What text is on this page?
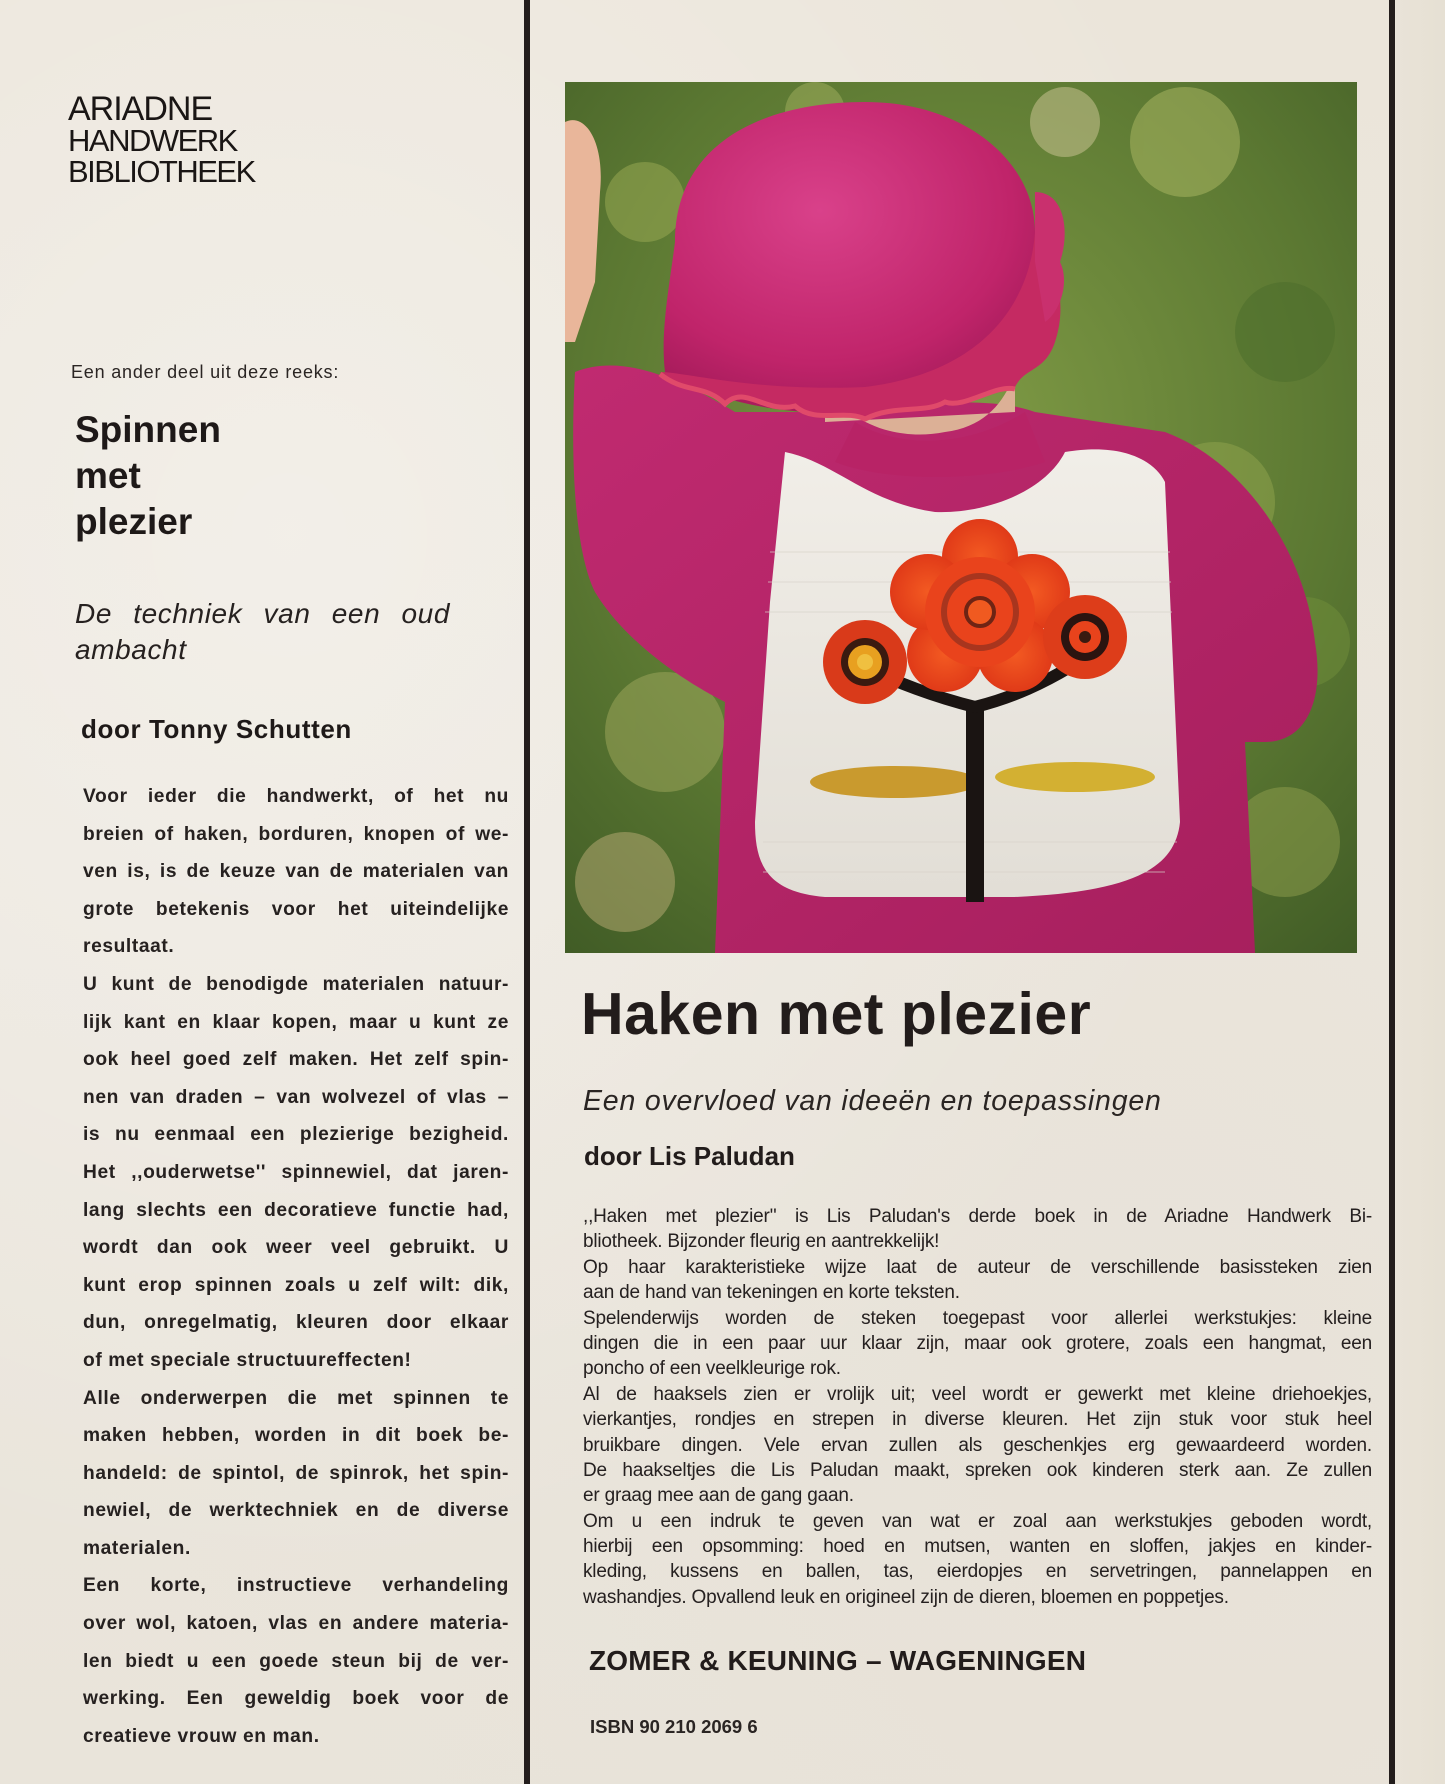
ARIADNE
HANDWERK
BIBLIOTHEEK
Een ander deel uit deze reeks:
Spinnen
met
plezier
De techniek van een oud ambacht
door Tonny Schutten
Voor ieder die handwerkt, of het nu
breien of haken, borduren, knopen of we-
ven is, is de keuze van de materialen van
grote betekenis voor het uiteindelijke
resultaat.
U kunt de benodigde materialen natuur-
lijk kant en klaar kopen, maar u kunt ze
ook heel goed zelf maken. Het zelf spin-
nen van draden – van wolvezel of vlas –
is nu eenmaal een plezierige bezigheid.
Het ,,ouderwetse'' spinnewiel, dat jaren-
lang slechts een decoratieve functie had,
wordt dan ook weer veel gebruikt. U
kunt erop spinnen zoals u zelf wilt: dik,
dun, onregelmatig, kleuren door elkaar
of met speciale structuureffecten!
Alle onderwerpen die met spinnen te
maken hebben, worden in dit boek be-
handeld: de spintol, de spinrok, het spin-
newiel, de werktechniek en de diverse
materialen.
Een korte, instructieve verhandeling
over wol, katoen, vlas en andere materia-
len biedt u een goede steun bij de ver-
werking. Een geweldig boek voor de
creatieve vrouw en man.
Haken met plezier
Een overvloed van ideeën en toepassingen
door Lis Paludan
,,Haken met plezier'' is Lis Paludan's derde boek in de Ariadne Handwerk Bi-
bliotheek. Bijzonder fleurig en aantrekkelijk!
Op haar karakteristieke wijze laat de auteur de verschillende basissteken zien
aan de hand van tekeningen en korte teksten.
Spelenderwijs worden de steken toegepast voor allerlei werkstukjes: kleine
dingen die in een paar uur klaar zijn, maar ook grotere, zoals een hangmat, een
poncho of een veelkleurige rok.
Al de haaksels zien er vrolijk uit; veel wordt er gewerkt met kleine driehoekjes,
vierkantjes, rondjes en strepen in diverse kleuren. Het zijn stuk voor stuk heel
bruikbare dingen. Vele ervan zullen als geschenkjes erg gewaardeerd worden.
De haakseltjes die Lis Paludan maakt, spreken ook kinderen sterk aan. Ze zullen
er graag mee aan de gang gaan.
Om u een indruk te geven van wat er zoal aan werkstukjes geboden wordt,
hierbij een opsomming: hoed en mutsen, wanten en sloffen, jakjes en kinder-
kleding, kussens en ballen, tas, eierdopjes en servetringen, pannelappen en
washandjes. Opvallend leuk en origineel zijn de dieren, bloemen en poppetjes.
ZOMER & KEUNING – WAGENINGEN
ISBN 90 210 2069 6
